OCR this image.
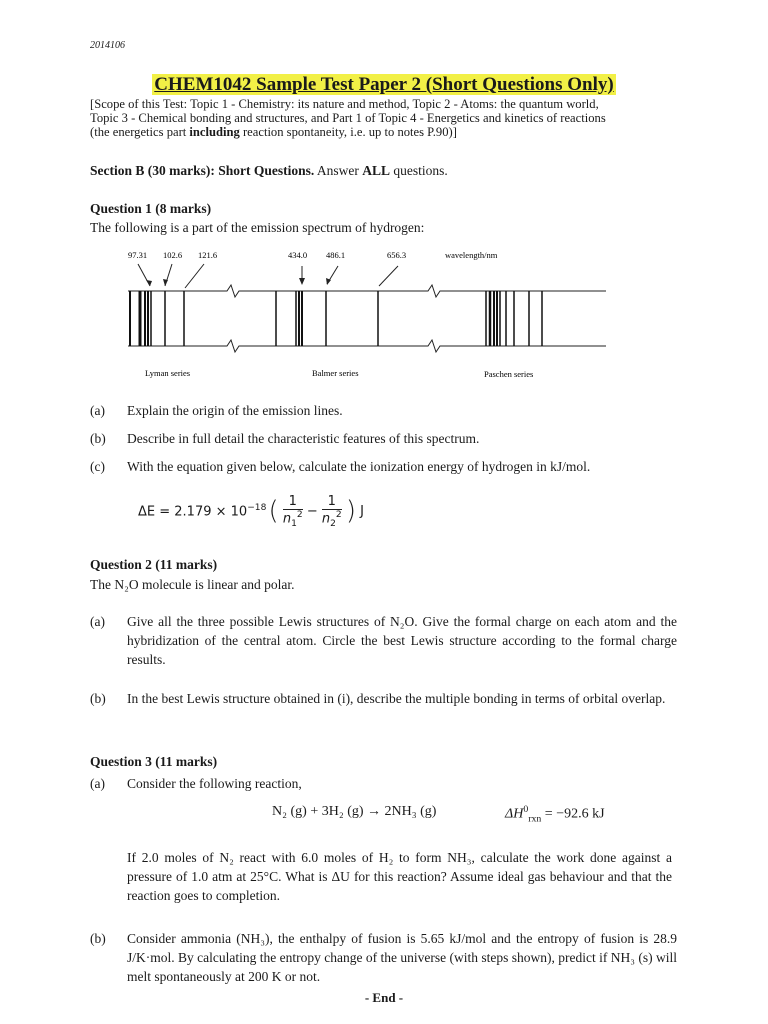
2014106
CHEM1042 Sample Test Paper 2 (Short Questions Only)
[Scope of this Test: Topic 1 - Chemistry: its nature and method, Topic 2 - Atoms: the quantum world,
Topic 3 - Chemical bonding and structures, and Part 1 of Topic 4 - Energetics and kinetics of reactions
(the energetics part including reaction spontaneity, i.e. up to notes P.90)]
Section B (30 marks): Short Questions. Answer ALL questions.
Question 1 (8 marks)
The following is a part of the emission spectrum of hydrogen:
97.31 102.6 121.6	434.0 486.1	656.3	wavelength/nm
Lyman series	Balmer series	Paschen series
(a) Explain the origin of the emission lines.
(b) Describe in full detail the characteristic features of this spectrum.
(c) With the equation given below, calculate the ionization energy of hydrogen in kJ/mol.
$\Delta E = 2.179 \times 10^{-18}$ ( $\frac{1}{n_1^2} - \frac{1}{n_2^2}$ ) J
Question 2 (11 marks)
The N₂O molecule is linear and polar.
(a) Give all the three possible Lewis structures of N₂O. Give the formal charge on each atom and the hybridization of the central atom. Circle the best Lewis structure according to the formal charge results.
(b) In the best Lewis structure obtained in (i), describe the multiple bonding in terms of orbital overlap.
Question 3 (11 marks)
(a) Consider the following reaction,
N₂ (g) + 3H₂ (g) → 2NH₃ (g)	$\Delta H^0_{rxn} = -92.6$ kJ
If 2.0 moles of N₂ react with 6.0 moles of H₂ to form NH₃, calculate the work done against a pressure of 1.0 atm at 25°C. What is ΔU for this reaction? Assume ideal gas behaviour and that the reaction goes to completion.
(b) Consider ammonia (NH₃), the enthalpy of fusion is 5.65 kJ/mol and the entropy of fusion is 28.9 J/K·mol. By calculating the entropy change of the universe (with steps shown), predict if NH₃ (s) will melt spontaneously at 200 K or not.
- End -
